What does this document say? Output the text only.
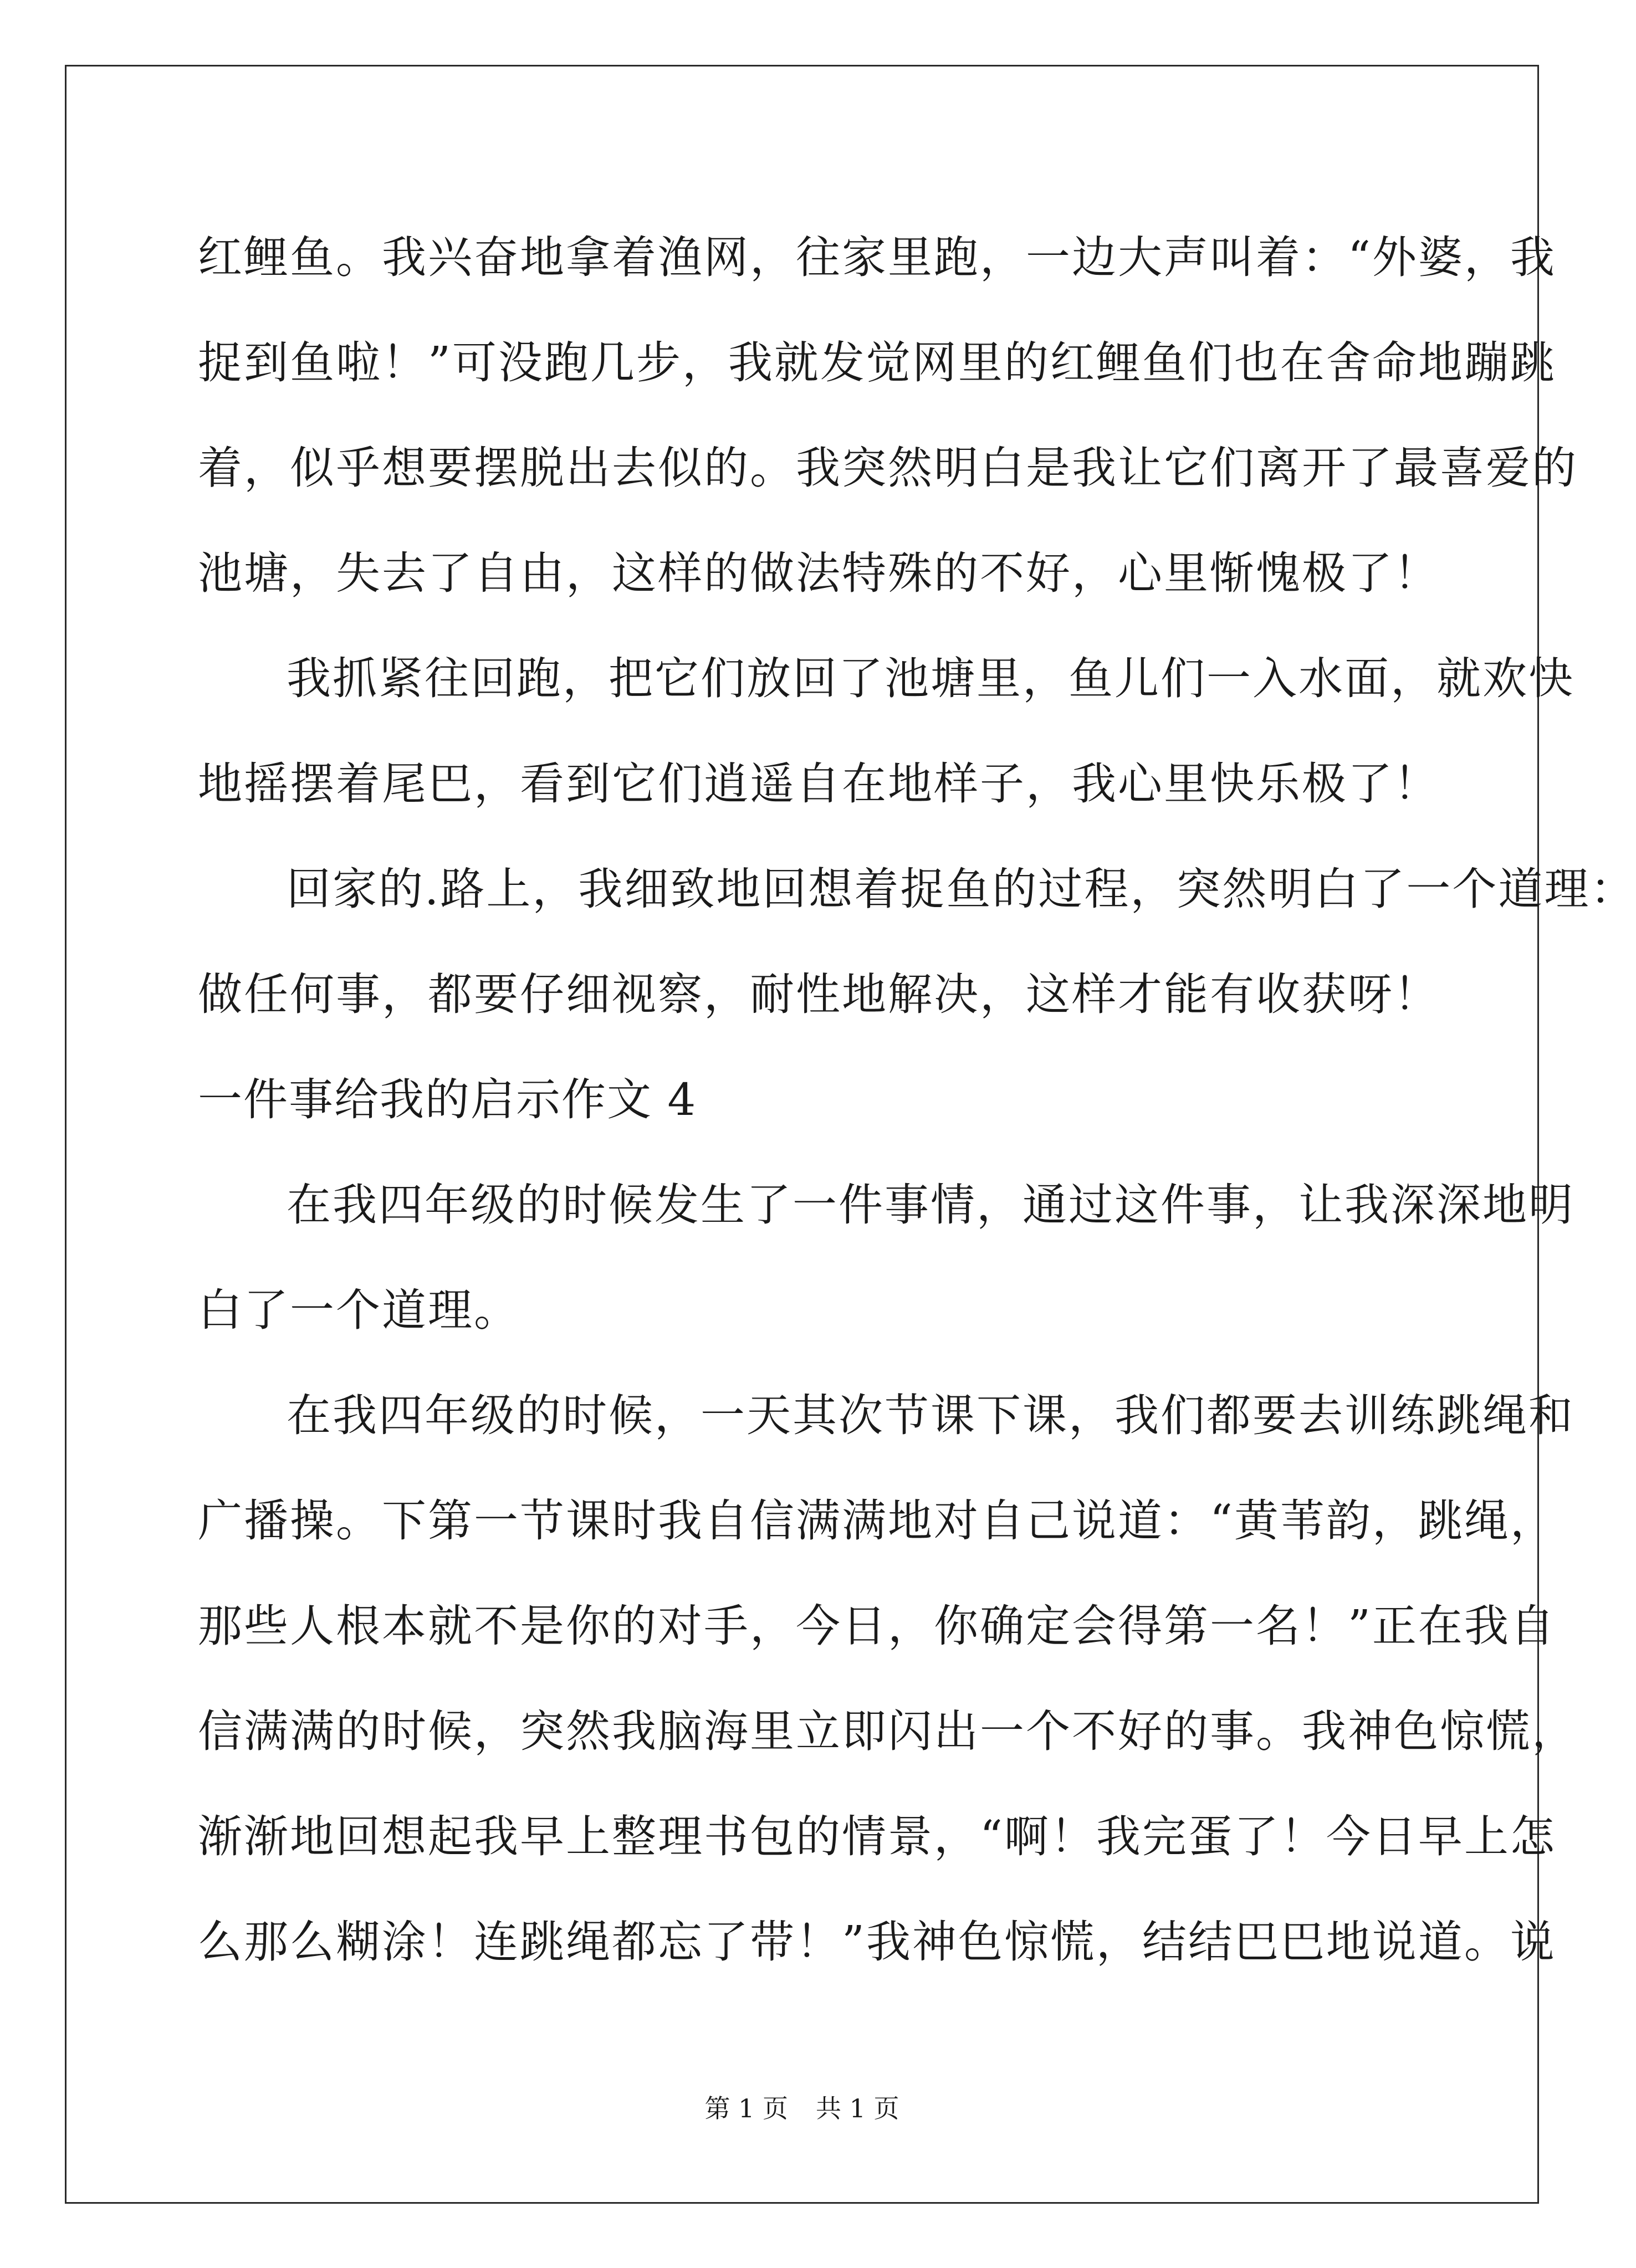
红鲤鱼。我兴奋地拿着渔网，往家里跑，一边大声叫着：“外婆，我
捉到鱼啦！”可没跑几步，我就发觉网里的红鲤鱼们也在舍命地蹦跳
着，似乎想要摆脱出去似的。我突然明白是我让它们离开了最喜爱的
池塘，失去了自由，这样的做法特殊的不好，心里惭愧极了！
我抓紧往回跑，把它们放回了池塘里，鱼儿们一入水面，就欢快
地摇摆着尾巴，看到它们逍遥自在地样子，我心里快乐极了！
回家的.路上，我细致地回想着捉鱼的过程，突然明白了一个道理：
做任何事，都要仔细视察，耐性地解决，这样才能有收获呀！
一件事给我的启示作文 4
在我四年级的时候发生了一件事情，通过这件事，让我深深地明
白了一个道理。
在我四年级的时候，一天其次节课下课，我们都要去训练跳绳和
广播操。下第一节课时我自信满满地对自己说道：“黄苇韵，跳绳，
那些人根本就不是你的对手，今日，你确定会得第一名！”正在我自
信满满的时候，突然我脑海里立即闪出一个不好的事。我神色惊慌，
渐渐地回想起我早上整理书包的情景，“啊！我完蛋了！今日早上怎
么那么糊涂！连跳绳都忘了带！”我神色惊慌，结结巴巴地说道。说
第 1 页 共 1 页
